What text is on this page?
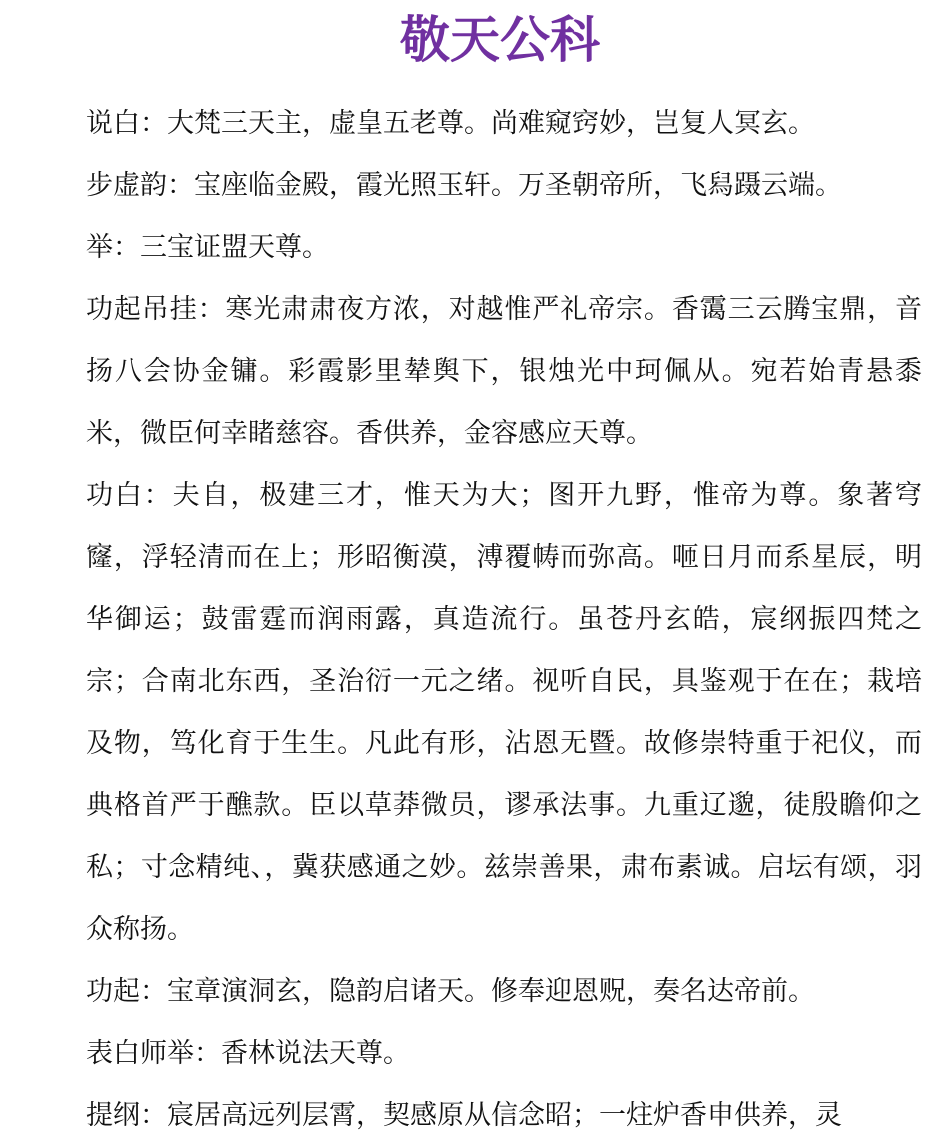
敬天公科

说白：大梵三天主，虚皇五老尊。尚难窥窍妙，岂复人冥玄。

步虚韵：宝座临金殿，霞光照玉轩。万圣朝帝所，飞舄蹑云端。

举：三宝证盟天尊。

功起吊挂：寒光肃肃夜方浓，对越惟严礼帝宗。香霭三云腾宝鼎，音扬八会协金镛。彩霞影里辇舆下，银烛光中珂佩从。宛若始青悬黍米，微臣何幸睹慈容。香供养，金容感应天尊。

功白：夫自，极建三才，惟天为大；图开九野，惟帝为尊。象著穹窿，浮轻清而在上；形昭衡漠，溥覆帱而弥高。咂日月而系星辰，明华御运；鼓雷霆而润雨露，真造流行。虽苍丹玄皓，宸纲振四梵之宗；合南北东西，圣治衍一元之绪。视听自民，具鉴观于在在；栽培及物，笃化育于生生。凡此有形，沾恩无暨。故修崇特重于祀仪，而典格首严于醮款。臣以草莽微员，谬承法事。九重辽邈，徒殷瞻仰之私；寸念精纯、，冀获感通之妙。兹崇善果，肃布素诚。启坛有颂，羽众称扬。

功起：宝章演洞玄，隐韵启诸天。修奉迎恩贶，奏名达帝前。

表白师举：香林说法天尊。

提纲：宸居高远列层霄，契感原从信念昭；一炷炉香申供养，灵
